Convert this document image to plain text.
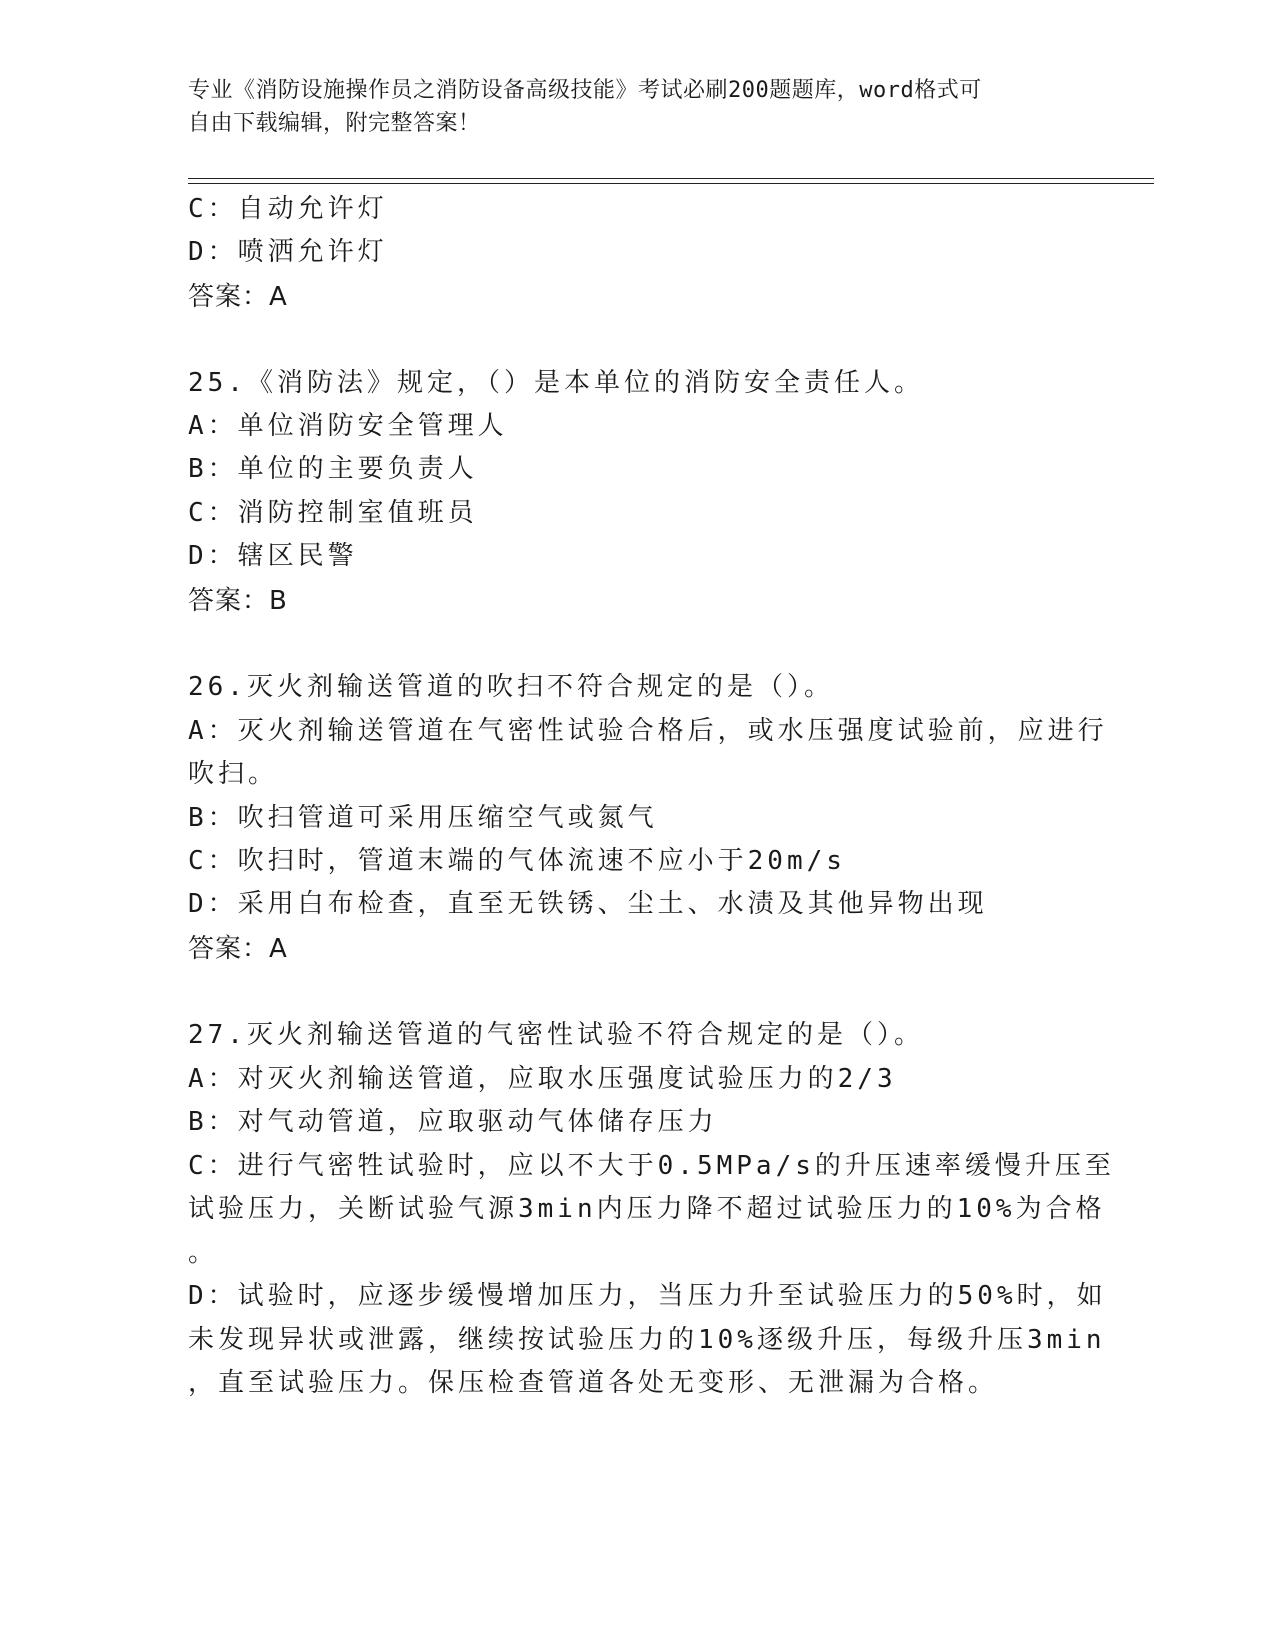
专业《消防设施操作员之消防设备高级技能》考试必刷200题题库，word格式可
自由下载编辑，附完整答案！
C：自动允许灯
D：喷洒允许灯
答案：A
25.《消防法》规定，（）是本单位的消防安全责任人。
A：单位消防安全管理人
B：单位的主要负责人
C：消防控制室值班员
D：辖区民警
答案：B
26.灭火剂输送管道的吹扫不符合规定的是（）。
A：灭火剂输送管道在气密性试验合格后，或水压强度试验前，应进行
吹扫。
B：吹扫管道可采用压缩空气或氮气
C：吹扫时，管道末端的气体流速不应小于20m/s
D：采用白布检查，直至无铁锈、尘土、水渍及其他异物出现
答案：A
27.灭火剂输送管道的气密性试验不符合规定的是（）。
A：对灭火剂输送管道，应取水压强度试验压力的2/3
B：对气动管道，应取驱动气体储存压力
C：进行气密牲试验时，应以不大于0.5MPa/s的升压速率缓慢升压至
试验压力，关断试验气源3min内压力降不超过试验压力的10%为合格
。
D：试验时，应逐步缓慢增加压力，当压力升至试验压力的50%时，如
未发现异状或泄露，继续按试验压力的10%逐级升压，每级升压3min
，直至试验压力。保压检查管道各处无变形、无泄漏为合格。
